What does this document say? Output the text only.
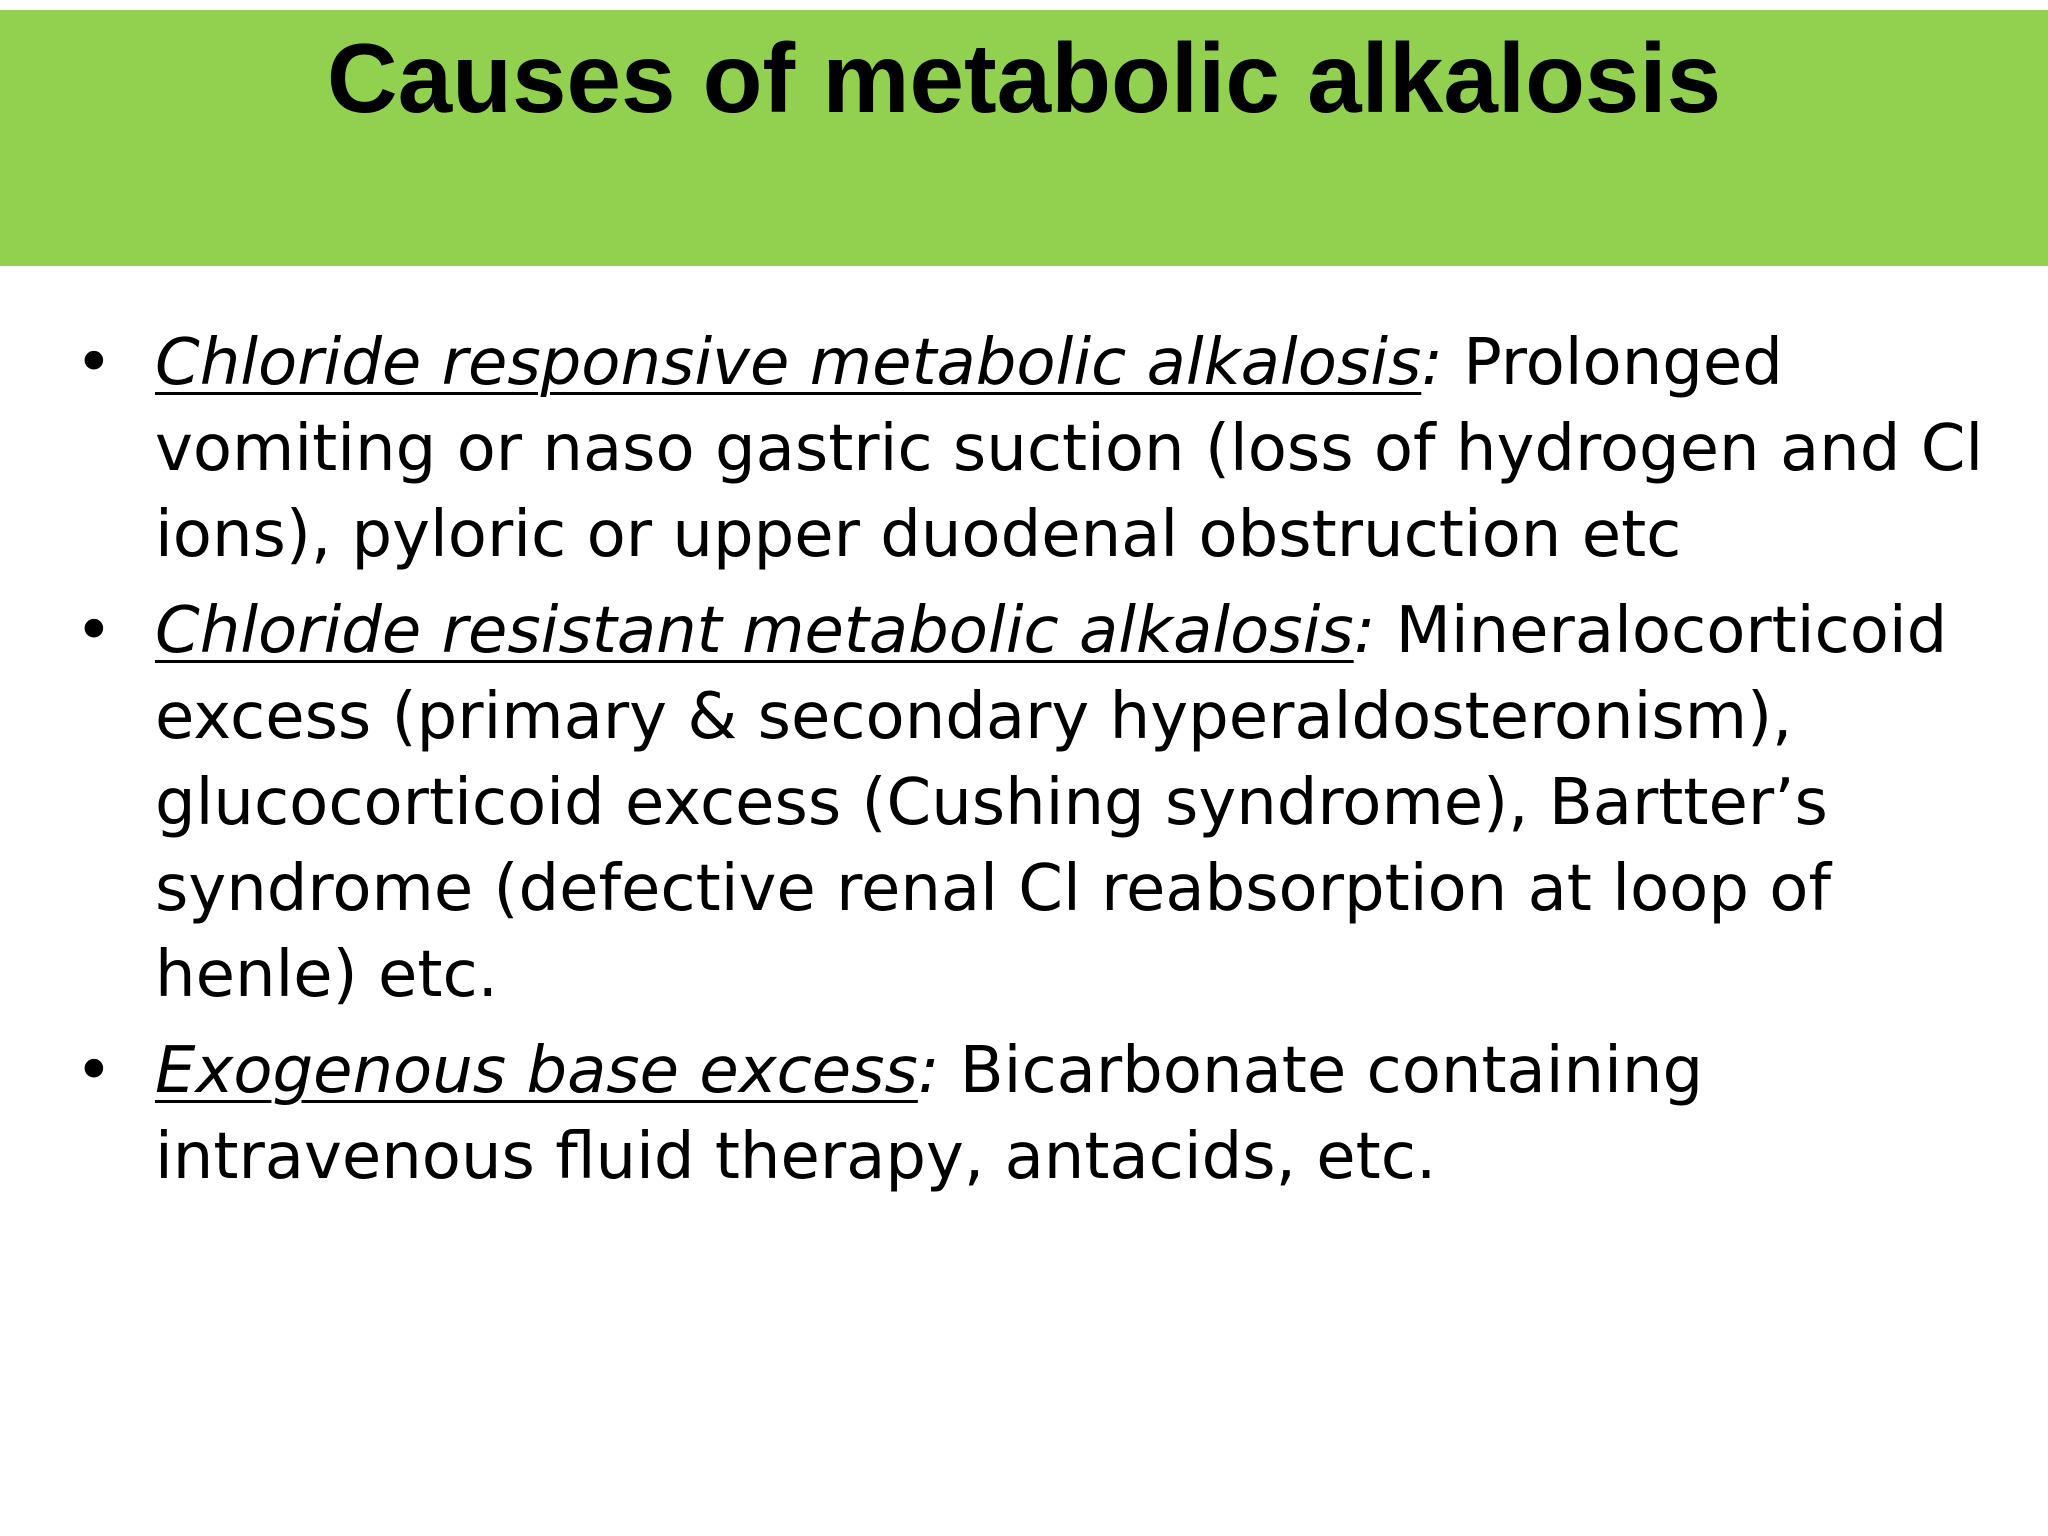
Causes of metabolic alkalosis
• Chloride responsive metabolic alkalosis: Prolonged vomiting or naso gastric suction (loss of hydrogen and Cl ions), pyloric or upper duodenal obstruction etc
• Chloride resistant metabolic alkalosis: Mineralocorticoid excess (primary & secondary hyperaldosteronism), glucocorticoid excess (Cushing syndrome), Bartter’s syndrome (defective renal Cl reabsorption at loop of henle) etc.
• Exogenous base excess: Bicarbonate containing intravenous fluid therapy, antacids, etc.
